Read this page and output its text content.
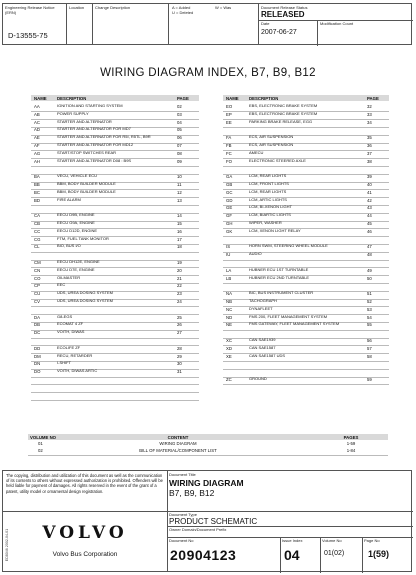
Engineering Release Notice (ERN)
D-13555-75
Location	Change Description	A = Added
U = Deleted
W = Was	Document Release Status
RELEASED
Date
2007-06-27
Modification Count
WIRING DIAGRAM INDEX, B7, B9, B12
NAME DESCRIPTION	PAGE
AA	IGNITION AND STARTING SYSTEM	02
AB	POWER SUPPLY	03
AC	STARTER AND ALTERNATOR	04
AD	STARTER AND ALTERNATOR FOR MD7	05
AE	STARTER AND ALTERNATOR FOR R5I, R5TL, B9R	06
AF	STARTER AND ALTERNATOR FOR MD12	07
AG	START/STOP SWITCHES REAR	08
AH	STARTER AND ALTERNATOR D08 : B9S	09
BA	VECU, VEHICLE ECU	10
BB	BBM, BODY BUILDER MODULE	11
BC	BBM, BODY BUILDER MODULE	12
BD	FIRE ALARM	13
CA	EECU D9B, ENGINE	14
CB	EECU G9A, ENGINE	15
CC	EECU D12D, ENGINE	16
CG	FTM, FUEL TANK MONITOR	17
CL	BIO, BUS I/O	18
CM	EECU DH12E, ENGINE	19
CN	EECU D7E, ENGINE	20
CO	OILMASTER	21
CP	EEC	22
CU	UDS, UREA DOSING SYSTEM	23
CV	UDS, UREA DOSING SYSTEM	24
DA	G8-EGS	25
DB	ECOMAT 4 ZF	26
DC	VOITH, DIWAS	27
DD	ECOLIFE ZF	28
DM	RECU, RETARDER	29
DN	I-SHIFT	30
DO	VOITH, DIWAS ARTIC	31
NAME DESCRIPTION	PAGE
EO	EBS, ELECTRONIC BRAKE SYSTEM	32
EP	EBS, ELECTRONIC BRAKE SYSTEM	33
EE	PARKING BRAKE RELEASE, EGG	34
FA	ECS, AIR SUSPENSION	35
FB	ECS, AIR SUSPENSION	36
FC	AMECU	37
FO	ELECTRONIC STEERED AXLE	38
GA	LCM, REAR LIGHTS	39
GB	LCM, FRONT LIGHTS	40
GC	LCM, REAR LIGHTS	41
GD	LCM, ARTIC LIGHTS	42
GE	LCM, BI-XENON LIGHT	43
GF	LCM, BIARTIC LIGHTS	44
GH	WIPER, WASHER	45
GK	LCM, XENON LIGHT RELAY	46
IS	HORN SWM, STEERING WHEEL MODULE	47
IU	AUDIO	48
LA	HUBNER ECU 1ST TURNTABLE	49
LB	HUBNER ECU 2ND TURNTABLE	50
NA	BIC, BUS INSTRUMENT CLUSTER	51
NB	TACHOGRAPH	52
NC	DYNAFLEET	53
ND	FMS 200, FLEET MANAGEMENT SYSTEM	54
NE	FMS GATEWAY, FLEET MANAGEMENT SYSTEM	55
XC	CAN SAE1939	56
XD	CAN SAE1587	57
XE	CAN SAE1587 UDS	58
ZC	GROUND	59
VOLUME NO	CONTENT	PAGES
01	WIRING DIAGRAM	1-59
02	BILL OF MATERIAL/COMPONENT LIST	1-84
The copying, distribution and utilization of this document as well as the communication of its contents to others without expressed authorization is prohibited. Offenders will be held liable for payment of damages. All rights reserved in the event of the grant of a patent, utility model or ornamental design registration.
ED8046 2002-04-01	VOLVO
Volvo Bus Corporation
Document Title
WIRING DIAGRAM
B7, B9, B12
Document Type
PRODUCT SCHEMATIC
Owner Domain/Document Prefix
Document No
20904123
Issue Index
04
Volume No
01(02)
Page No
1(59)
